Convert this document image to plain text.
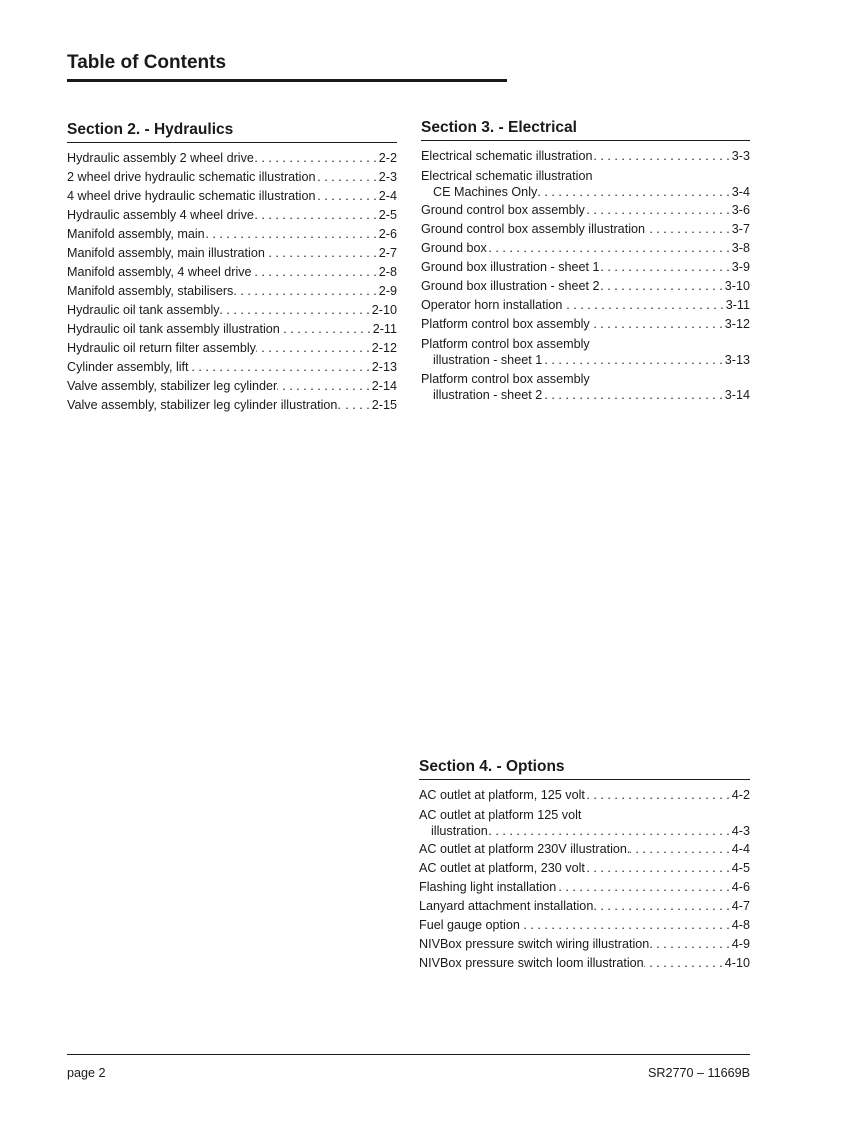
Table of Contents
Section 2. - Hydraulics
Hydraulic assembly 2 wheel drive . . .	2-2
2 wheel drive hydraulic schematic illustration . . .	2-3
4 wheel drive hydraulic schematic illustration . . .	2-4
Hydraulic assembly 4 wheel drive . . .	2-5
Manifold assembly, main . . .	2-6
Manifold assembly, main illustration . . .	2-7
Manifold assembly, 4 wheel drive . . .	2-8
Manifold assembly, stabilisers . . .	2-9
Hydraulic oil tank assembly . . .	2-10
Hydraulic oil tank assembly illustration . . .	2-11
Hydraulic oil return filter assembly . . .	2-12
Cylinder assembly, lift . . .	2-13
Valve assembly, stabilizer leg cylinder . . .	2-14
Valve assembly, stabilizer leg cylinder illustration. . . . 2-15
Section 3. - Electrical
Electrical schematic illustration . . .	3-3
Electrical schematic illustration
CE Machines Only . . .	3-4
Ground control box assembly . . .	3-6
Ground control box assembly illustration . . .	3-7
Ground box . . .	3-8
Ground box illustration - sheet 1 . . .	3-9
Ground box illustration - sheet 2 . . .	3-10
Operator horn installation . . .	3-11
Platform control box assembly . . .	3-12
Platform control box assembly
illustration - sheet 1 . . .	3-13
Platform control box assembly
illustration - sheet 2 . . .	3-14
Section 4. - Options
AC outlet at platform, 125 volt . . .	4-2
AC outlet at platform 125 volt
illustration . . .	4-3
AC outlet at platform 230V illustration. . . .	4-4
AC outlet at platform, 230 volt . . .	4-5
Flashing light installation . . .	4-6
Lanyard attachment installation . . .	4-7
Fuel gauge option . . .	4-8
NIVBox pressure switch wiring illustration . . .	4-9
NIVBox pressure switch loom illustration . . .	4-10
page 2	SR2770 – 11669B
